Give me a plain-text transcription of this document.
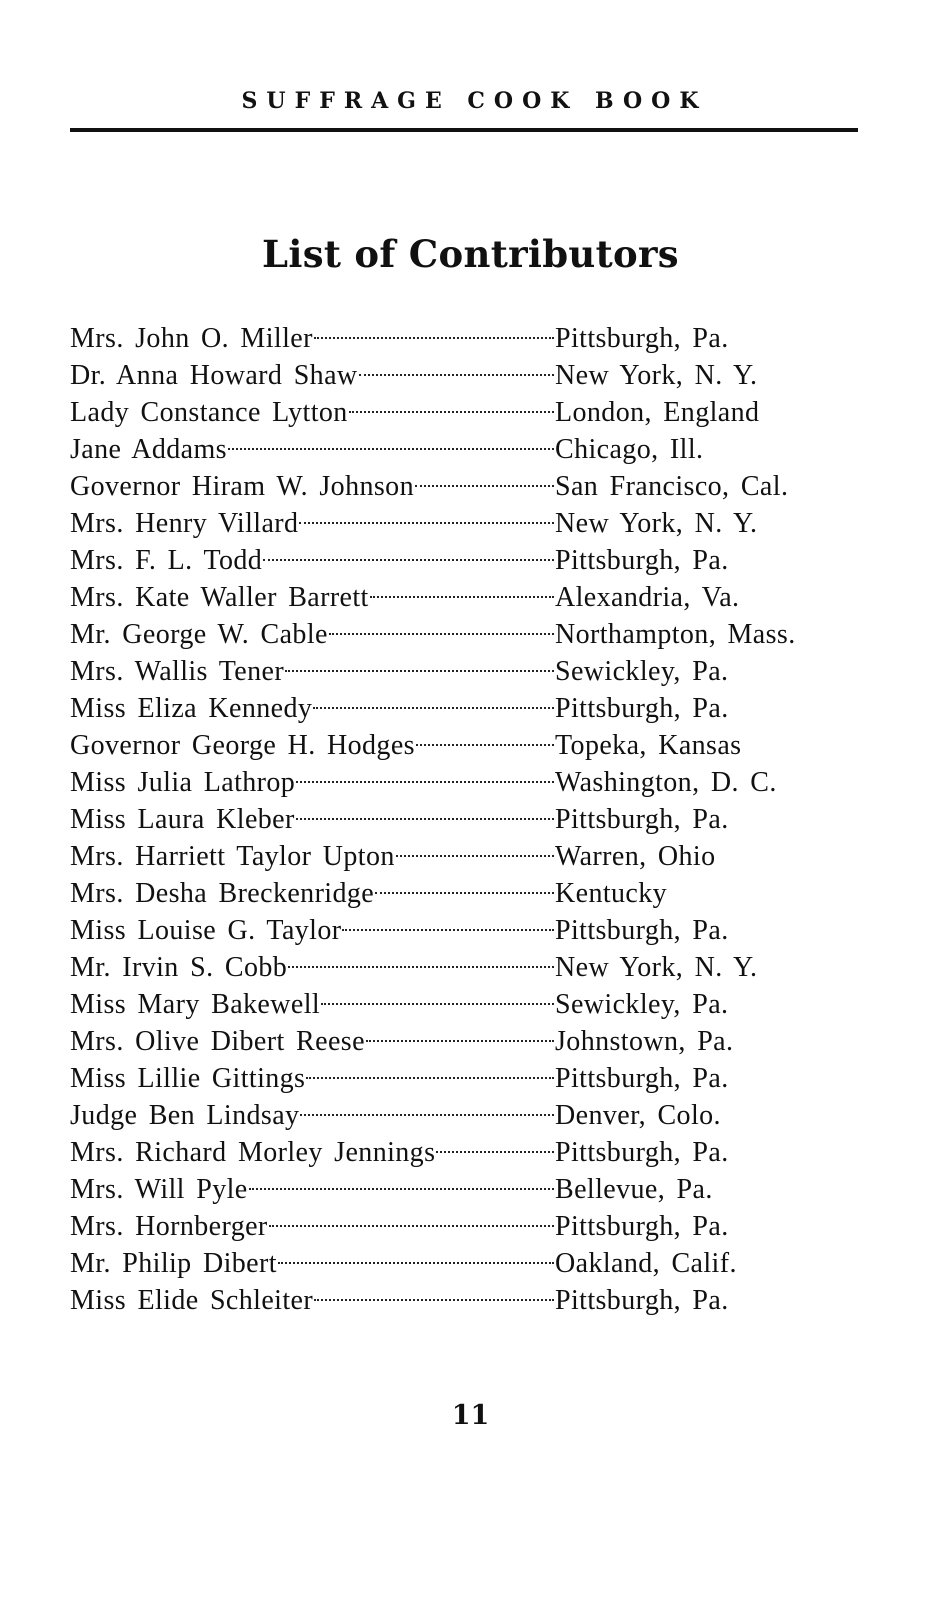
SUFFRAGE COOK BOOK
List of Contributors
Mrs. John O. Miller	Pittsburgh, Pa.
Dr. Anna Howard Shaw	New York, N. Y.
Lady Constance Lytton	London, England
Jane Addams	Chicago, Ill.
Governor Hiram W. Johnson	San Francisco, Cal.
Mrs. Henry Villard	New York, N. Y.
Mrs. F. L. Todd	Pittsburgh, Pa.
Mrs. Kate Waller Barrett	Alexandria, Va.
Mr. George W. Cable	Northampton, Mass.
Mrs. Wallis Tener	Sewickley, Pa.
Miss Eliza Kennedy	Pittsburgh, Pa.
Governor George H. Hodges	Topeka, Kansas
Miss Julia Lathrop	Washington, D. C.
Miss Laura Kleber	Pittsburgh, Pa.
Mrs. Harriett Taylor Upton	Warren, Ohio
Mrs. Desha Breckenridge	Kentucky
Miss Louise G. Taylor	Pittsburgh, Pa.
Mr. Irvin S. Cobb	New York, N. Y.
Miss Mary Bakewell	Sewickley, Pa.
Mrs. Olive Dibert Reese	Johnstown, Pa.
Miss Lillie Gittings	Pittsburgh, Pa.
Judge Ben Lindsay	Denver, Colo.
Mrs. Richard Morley Jennings	Pittsburgh, Pa.
Mrs. Will Pyle	Bellevue, Pa.
Mrs. Hornberger	Pittsburgh, Pa.
Mr. Philip Dibert	Oakland, Calif.
Miss Elide Schleiter	Pittsburgh, Pa.
11
